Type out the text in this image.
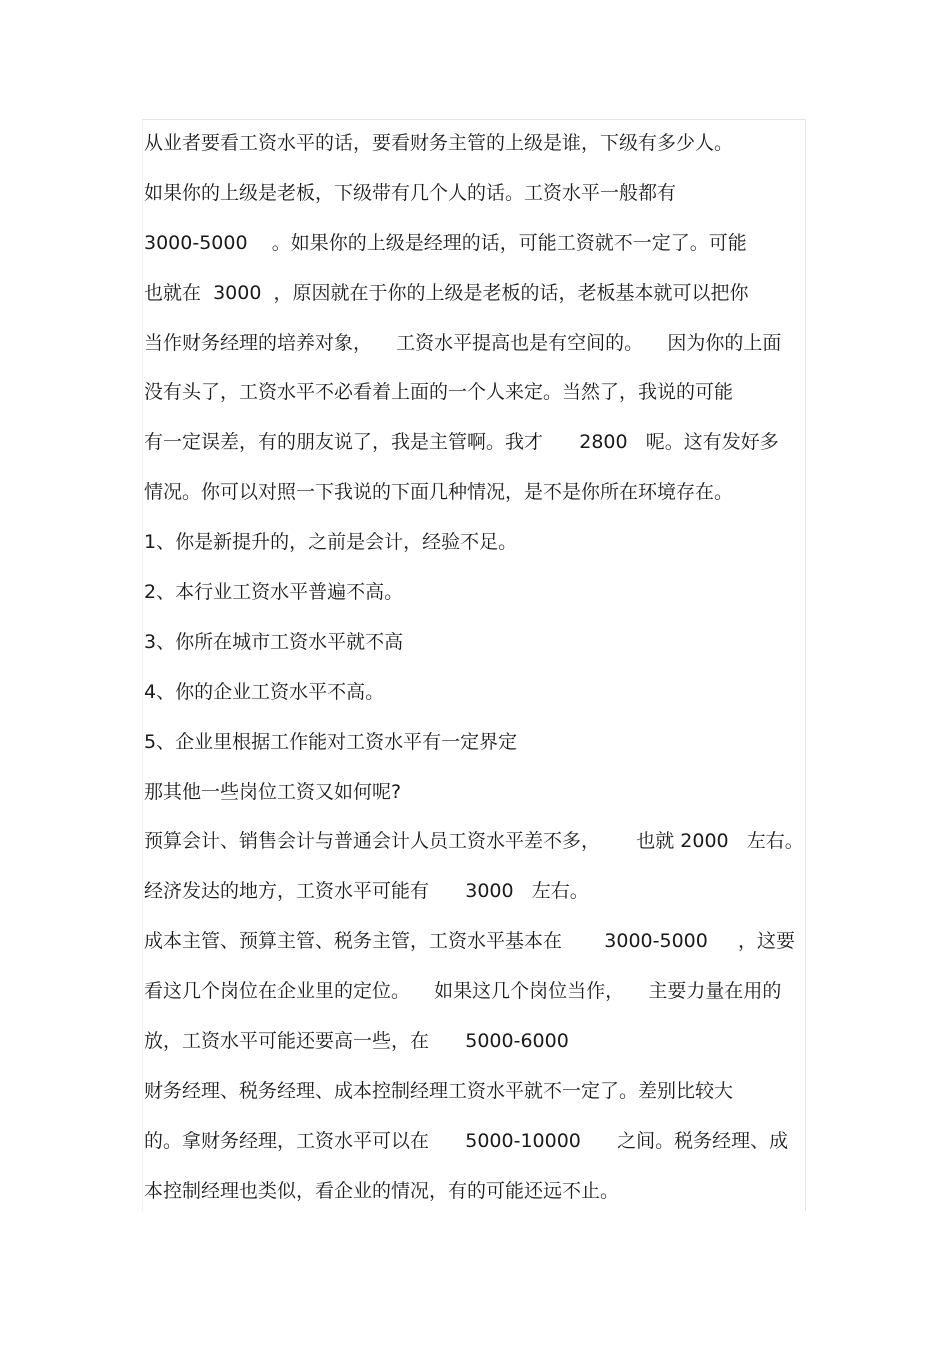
从业者要看工资水平的话，要看财务主管的上级是谁，下级有多少人。
如果你的上级是老板，下级带有几个人的话。工资水平一般都有
3000-5000    。如果你的上级是经理的话，可能工资就不一定了。可能
也就在  3000  ，原因就在于你的上级是老板的话，老板基本就可以把你
当作财务经理的培养对象，    工资水平提高也是有空间的。    因为你的上面
没有头了，工资水平不必看着上面的一个人来定。当然了，我说的可能
有一定误差，有的朋友说了，我是主管啊。我才      2800   呢。这有发好多
情况。你可以对照一下我说的下面几种情况，是不是你所在环境存在。
1、你是新提升的，之前是会计，经验不足。
2、本行业工资水平普遍不高。
3、你所在城市工资水平就不高
4、你的企业工资水平不高。
5、企业里根据工作能对工资水平有一定界定
那其他一些岗位工资又如何呢?
预算会计、销售会计与普通会计人员工资水平差不多，      也就 2000   左右。
经济发达的地方，工资水平可能有      3000   左右。
成本主管、预算主管、税务主管，工资水平基本在       3000-5000     ，这要
看这几个岗位在企业里的定位。    如果这几个岗位当作，    主要力量在用的
放，工资水平可能还要高一些，在      5000-6000
财务经理、税务经理、成本控制经理工资水平就不一定了。差别比较大
的。拿财务经理，工资水平可以在      5000-10000      之间。税务经理、成
本控制经理也类似，看企业的情况，有的可能还远不止。
